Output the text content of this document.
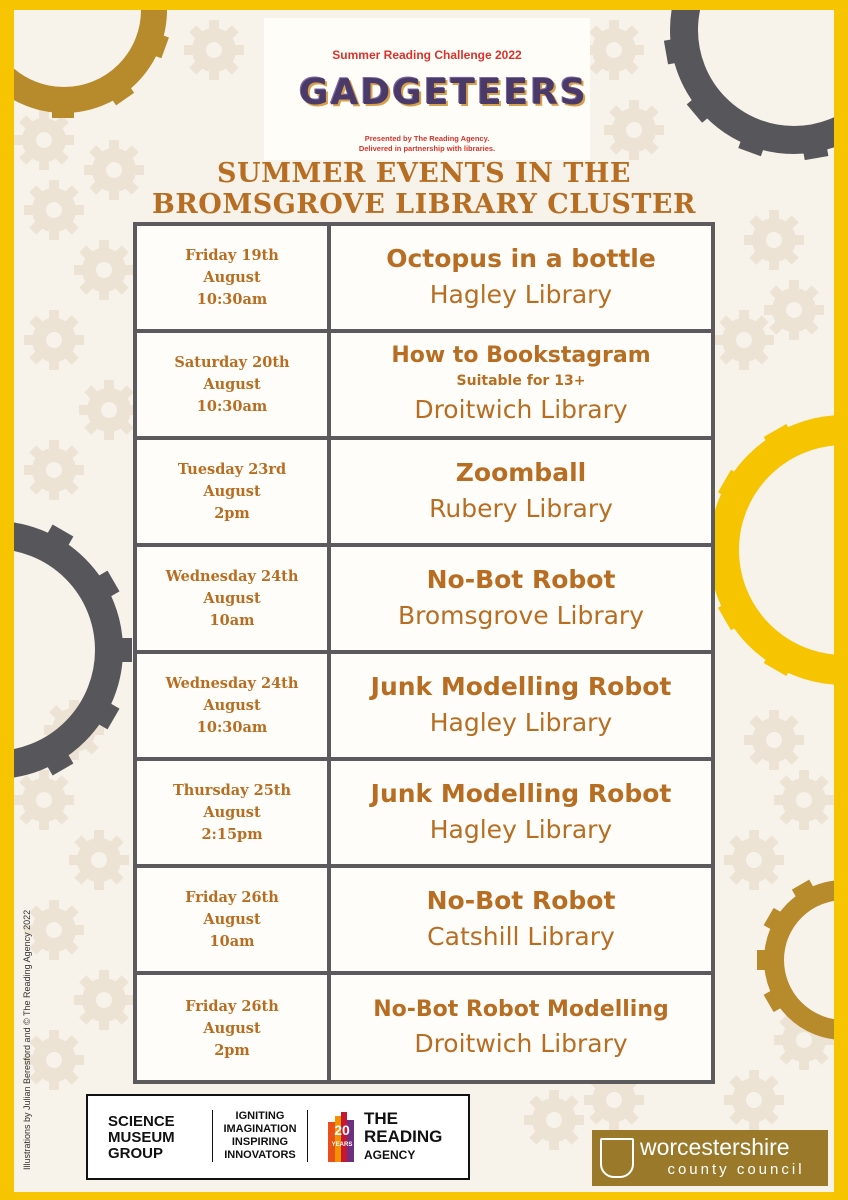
Summer Reading Challenge 2022
GADGETEERS
Presented by The Reading Agency.
Delivered in partnership with libraries.
SUMMER EVENTS IN THE
BROMSGROVE LIBRARY CLUSTER
Friday 19th
August
10:30am
Octopus in a bottle
Hagley Library
Saturday 20th
August
10:30am
How to Bookstagram
Suitable for 13+
Droitwich Library
Tuesday 23rd
August
2pm
Zoomball
Rubery Library
Wednesday 24th
August
10am
No-Bot Robot
Bromsgrove Library
Wednesday 24th
August
10:30am
Junk Modelling Robot
Hagley Library
Thursday 25th
August
2:15pm
Junk Modelling Robot
Hagley Library
Friday 26th
August
10am
No-Bot Robot
Catshill Library
Friday 26th
August
2pm
No-Bot Robot Modelling
Droitwich Library
Illustrations by Julian Beresford and © The Reading Agency 2022	SCIENCE
MUSEUM
GROUP
IGNITING
IMAGINATION
INSPIRING
INNOVATORS
20
YEARS
THE
READING
AGENCY	worcestershire
county council
